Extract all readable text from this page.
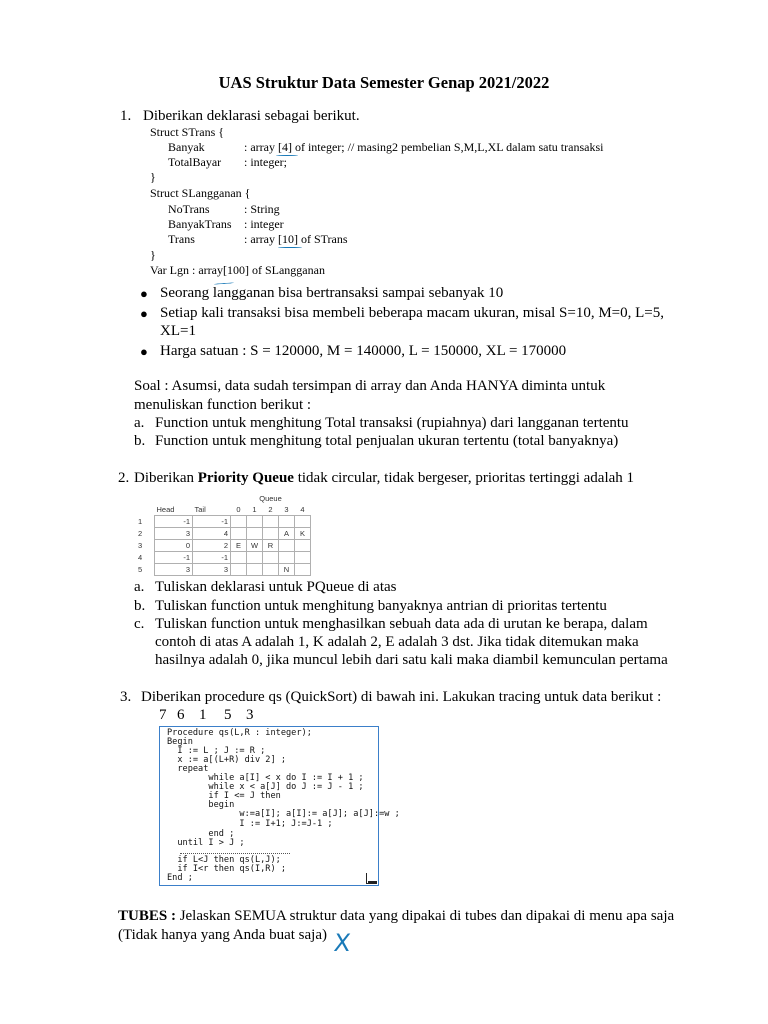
UAS Struktur Data Semester Genap 2021/2022
1. Diberikan deklarasi sebagai berikut.
Struct STrans {
Banyak	: array [4] of integer; // masing2 pembelian S,M,L,XL dalam satu transaksi
TotalBayar : integer;
}
Struct SLangganan {
NoTrans	: String
BanyakTrans : integer
Trans	: array [10] of STrans
}
Var Lgn : array[100] of SLangganan
● Seorang langganan bisa bertransaksi sampai sebanyak 10
● Setiap kali transaksi bisa membeli beberapa macam ukuran, misal S=10, M=0, L=5,
XL=1
● Harga satuan : S = 120000, M = 140000, L = 150000, XL = 170000
Soal : Asumsi, data sudah tersimpan di array dan Anda HANYA diminta untuk
menuliskan function berikut :
a. Function untuk menghitung Total transaksi (rupiahnya) dari langganan tertentu
b. Function untuk menghitung total penjualan ukuran tertentu (total banyaknya)
2. Diberikan Priority Queue tidak circular, tidak bergeser, prioritas tertinggi adalah 1
			Queue				
	Head	Tail	0	1	2	3	4
1	-1	-1					
2	3	4				A	K
3	0	2	E	W	R		
4	-1	-1					
5	3	3				N	
a. Tuliskan deklarasi untuk PQueue di atas
b. Tuliskan function untuk menghitung banyaknya antrian di prioritas tertentu
c. Tuliskan function untuk menghasilkan sebuah data ada di urutan ke berapa, dalam
contoh di atas A adalah 1, K adalah 2, E adalah 3 dst. Jika tidak ditemukan maka
hasilnya adalah 0, jika muncul lebih dari satu kali maka diambil kemunculan pertama
3. Diberikan procedure qs (QuickSort) di bawah ini. Lakukan tracing untuk data berikut :
7 6 1 5 3
Procedure qs(L,R : integer);
Begin
I := L ; J := R ;
x := a[(L+R) div 2] ;
repeat
while a[I] < x do I := I + 1 ;
while x < a[J] do J := J - 1 ;
if I <= J then
begin
w:=a[I]; a[I]:= a[J]; a[J]:=w ;
I := I+1; J:=J-1 ;
end ;
until I > J ;
if L<J then qs(L,J);
if I<r then qs(I,R) ;
End ;
TUBES : Jelaskan SEMUA struktur data yang dipakai di tubes dan dipakai di menu apa saja
(Tidak hanya yang Anda buat saja) X
